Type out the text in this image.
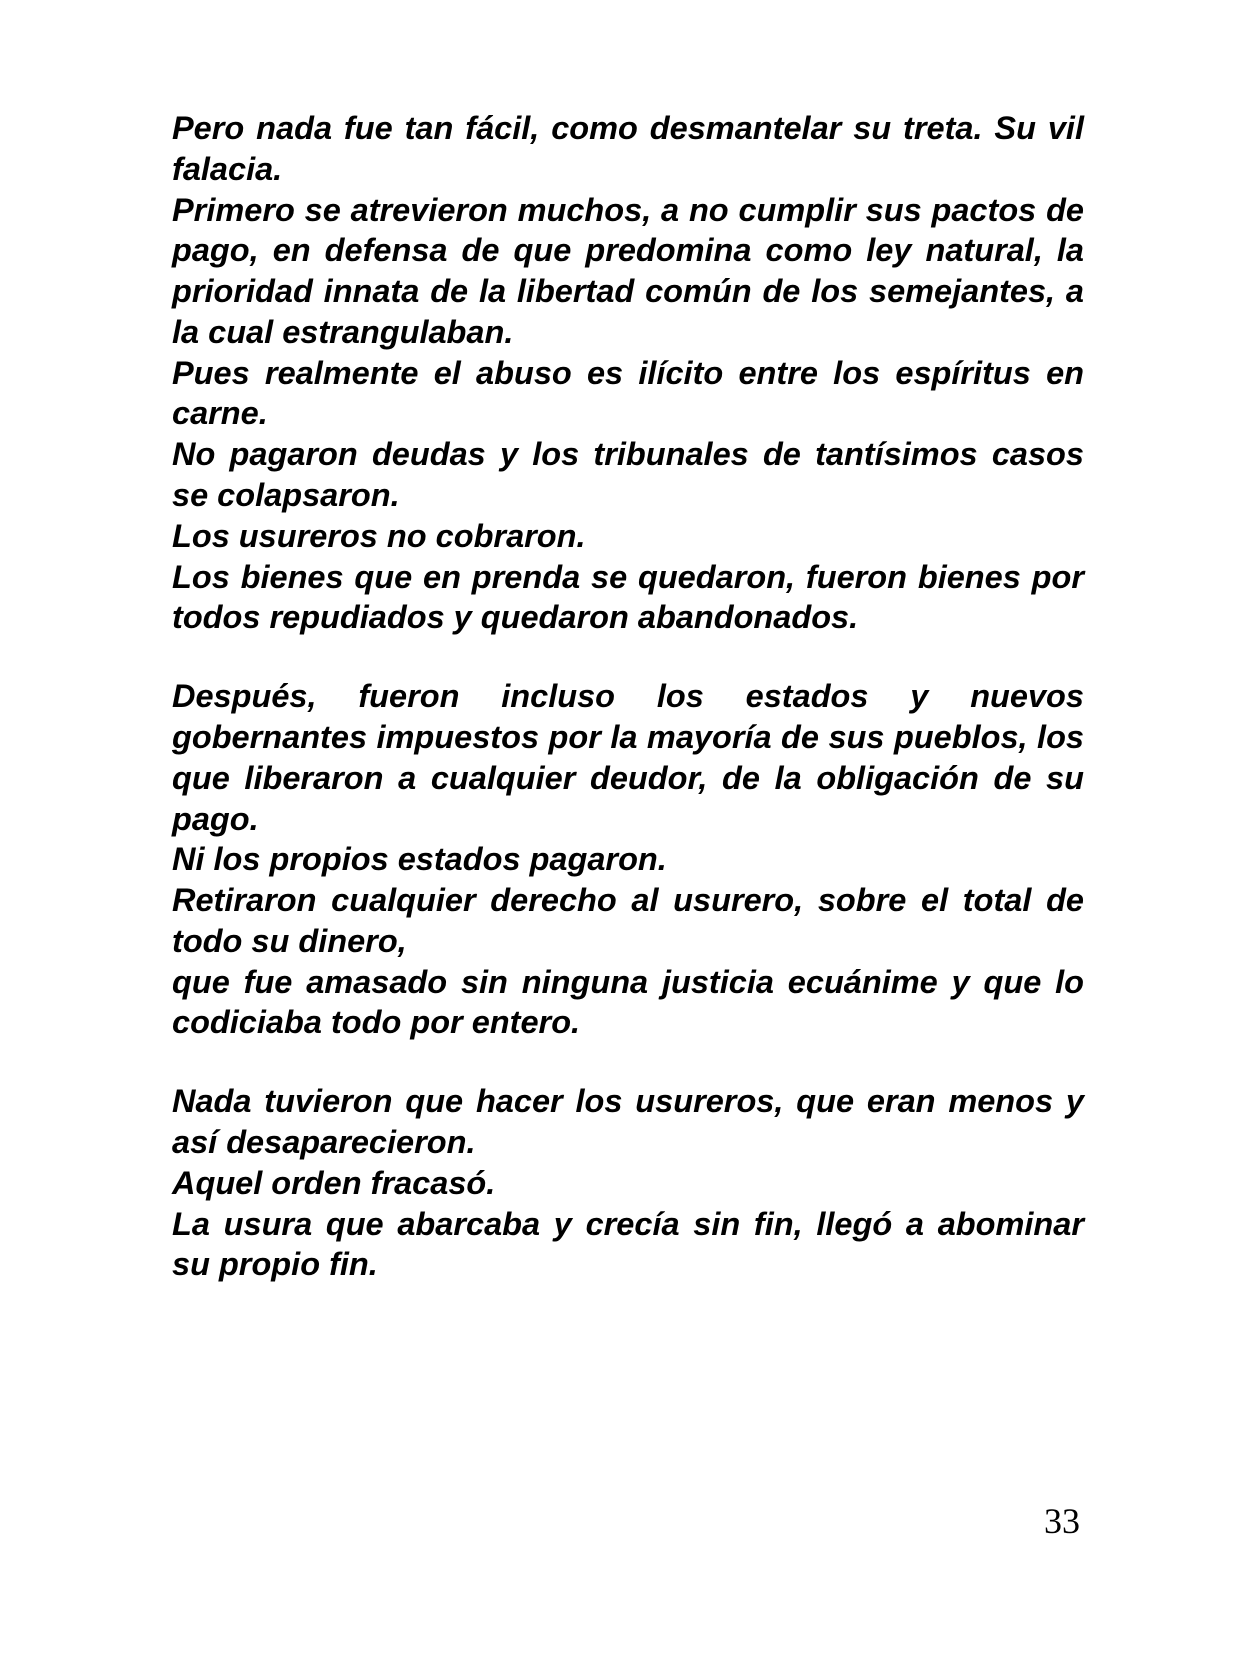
Pero nada fue tan fácil, como desmantelar su treta. Su vil falacia.

Primero se atrevieron muchos, a no cumplir sus pactos de pago, en defensa de que predomina como ley natural, la prioridad innata de la libertad común de los semejantes, a la cual estrangulaban.

Pues realmente el abuso es ilícito entre los espíritus en carne.

No pagaron deudas y los tribunales de tantísimos casos se colapsaron.

Los usureros no cobraron.

Los bienes que en prenda se quedaron, fueron bienes por todos repudiados y quedaron abandonados.

Después, fueron incluso los estados y nuevos gobernantes impuestos por la mayoría de sus pueblos, los que liberaron a cualquier deudor, de la obligación de su pago.

Ni los propios estados pagaron.

Retiraron cualquier derecho al usurero, sobre el total de todo su dinero,

que fue amasado sin ninguna justicia ecuánime y que lo codiciaba todo por entero.

Nada tuvieron que hacer los usureros, que eran menos y así desaparecieron.

Aquel orden fracasó.

La usura que abarcaba y crecía sin fin, llegó a abominar su propio fin.

33
